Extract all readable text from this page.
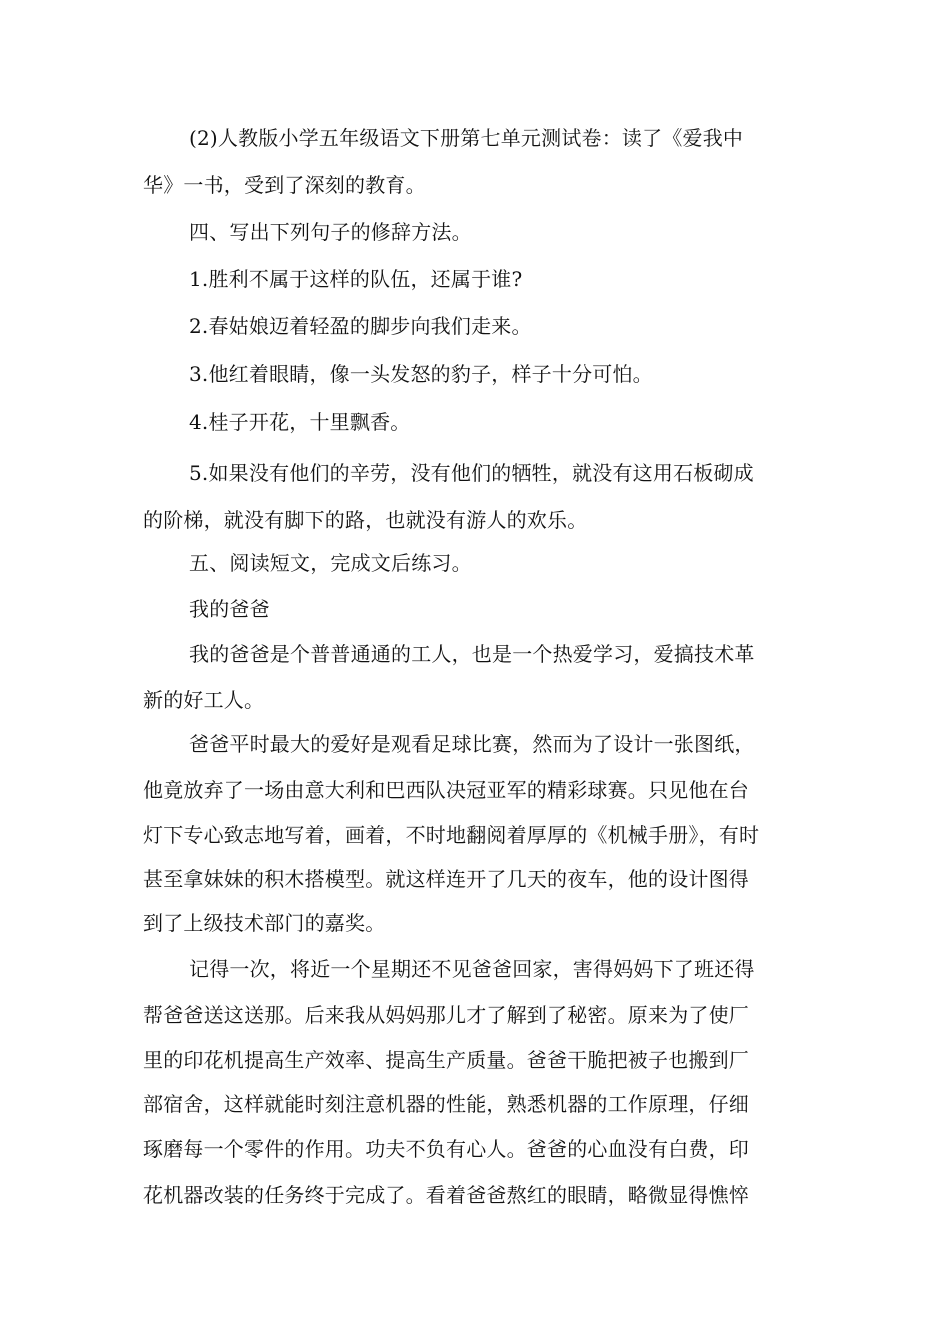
(2)人教版小学五年级语文下册第七单元测试卷：读了《爱我中
华》一书，受到了深刻的教育。
四、写出下列句子的修辞方法。
1.胜利不属于这样的队伍，还属于谁?
2.春姑娘迈着轻盈的脚步向我们走来。
3.他红着眼睛，像一头发怒的豹子，样子十分可怕。
4.桂子开花，十里飘香。
5.如果没有他们的辛劳，没有他们的牺牲，就没有这用石板砌成
的阶梯，就没有脚下的路，也就没有游人的欢乐。
五、阅读短文，完成文后练习。
我的爸爸
我的爸爸是个普普通通的工人，也是一个热爱学习，爱搞技术革
新的好工人。
爸爸平时最大的爱好是观看足球比赛，然而为了设计一张图纸，
他竟放弃了一场由意大利和巴西队决冠亚军的精彩球赛。只见他在台
灯下专心致志地写着，画着，不时地翻阅着厚厚的《机械手册》，有时
甚至拿妹妹的积木搭模型。就这样连开了几天的夜车，他的设计图得
到了上级技术部门的嘉奖。
记得一次，将近一个星期还不见爸爸回家，害得妈妈下了班还得
帮爸爸送这送那。后来我从妈妈那儿才了解到了秘密。原来为了使厂
里的印花机提高生产效率、提高生产质量。爸爸干脆把被子也搬到厂
部宿舍，这样就能时刻注意机器的性能，熟悉机器的工作原理，仔细
琢磨每一个零件的作用。功夫不负有心人。爸爸的心血没有白费，印
花机器改装的任务终于完成了。看着爸爸熬红的眼睛，略微显得憔悴
